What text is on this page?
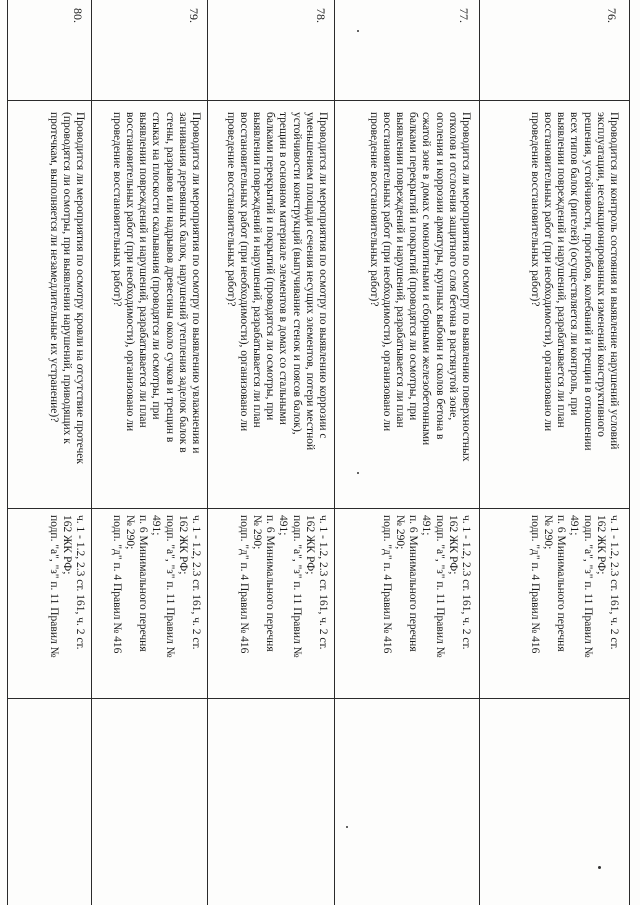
76.
Проводится ли контроль состояния и выявление нарушений условий
эксплуатации, несанкционированных изменений конструктивного
решения, устойчивости, прогибов, колебаний и трещин в отношении
всех типов балок (ригелей) (осуществляется ли контроль, при
выявлении повреждений и нарушений, разрабатывается ли план
восстановительных работ (при необходимости), организовано ли
проведение восстановительных работ)?
ч. 1 - 1.2, 2.3 ст. 161, ч. 2 ст.
162 ЖК РФ;
подп. "а", "з" п. 11 Правил №
491;
п. 6 Минимального перечня
№ 290;
подп. "д" п. 4 Правил № 416
77.
Проводится ли мероприятия по осмотру по выявлению поверхностных
отколов и отслоения защитного слоя бетона в растянутой зоне,
оголения и коррозии арматуры, крупных выбоин и сколов бетона в
сжатой зоне в домах с монолитными и сборными железобетонными
балками перекрытий и покрытий (проводятся ли осмотры, при
выявлении повреждений и нарушений, разрабатывается ли план
восстановительных работ (при необходимости), организовано ли
проведение восстановительных работ)?
ч. 1 - 1.2, 2.3 ст. 161, ч. 2 ст.
162 ЖК РФ;
подп. "а", "з" п. 11 Правил №
491;
п. 6 Минимального перечня
№ 290;
подп. "д" п. 4 Правил № 416
78.
Проводится ли мероприятия по осмотру по выявлению коррозии с
уменьшением площади сечения несущих элементов, потери местной
устойчивости конструкций (выпучивание стенок и поясов балок),
трещин в основном материале элементов в домах со стальными
балками перекрытий и покрытий (проводятся ли осмотры, при
выявлении повреждений и нарушений, разрабатывается ли план
восстановительных работ (при необходимости), организовано ли
проведение восстановительных работ)?
ч. 1 - 1.2, 2.3 ст. 161, ч. 2 ст.
162 ЖК РФ;
подп. "а", "з" п. 11 Правил №
491;
п. 6 Минимального перечня
№ 290;
подп. "д" п. 4 Правил № 416
79.
Проводится ли мероприятия по осмотру по выявлению увлажнения и
загнивания деревянных балок, нарушений утепления заделок балок в
стены, разрывов или надрывов древесины около сучков и трещин в
стыках на плоскости скалывания (проводятся ли осмотры, при
выявлении повреждений и нарушений, разрабатывается ли план
восстановительных работ (при необходимости), организовано ли
проведение восстановительных работ)?
ч. 1 - 1.2, 2.3 ст. 161, ч. 2 ст.
162 ЖК РФ;
подп. "а", "з" п. 11 Правил №
491;
п. 6 Минимального перечня
№ 290;
подп. "д" п. 4 Правил № 416
80.
Проводится ли мероприятия по осмотру кровли на отсутствие протечек
(проводятся ли осмотры, при выявлении нарушений, приводящих к
протечкам, выполняется ли незамедлительные их устранение)?
ч. 1 - 1.2, 2.3 ст. 161, ч. 2 ст.
162 ЖК РФ;
подп. "а", "з" п. 11 Правил №
